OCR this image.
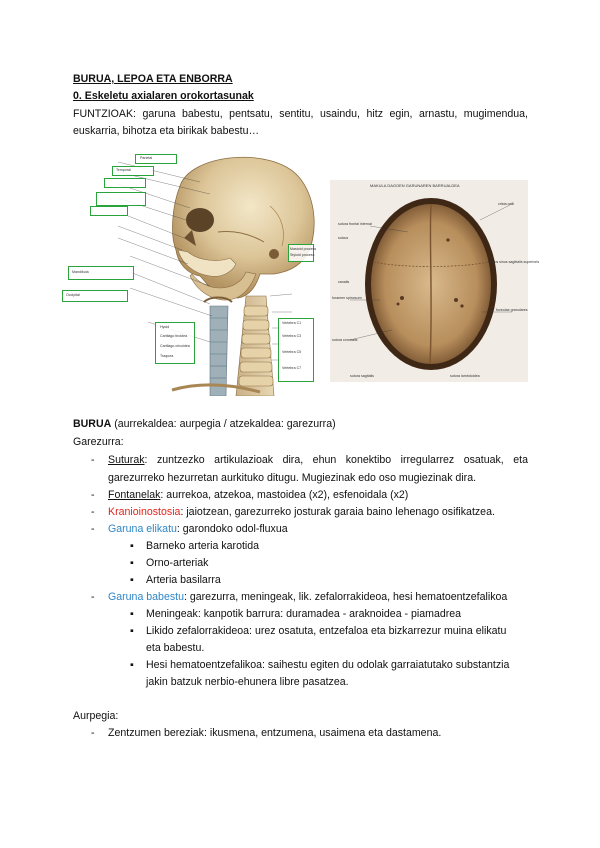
BURUA, LEPOA ETA ENBORRA
0. Eskeletu axialaren orokortasunak
FUNTZIOAK: garuna babestu, pentsatu, sentitu, usaindu, hitz egin, arnastu, mugimendua,
euskarria, bihotza eta birikak babestu…
Vertebra C1
Vertebra C3
Vertebra C5
Vertebra C7
Hyoid
Cartilago tiroidea
Cartilago cricoidea
Traquea
Mastoid process
Styloid process
Mandibula
Occipital
Parietal
Temporal
MAKULA DAGOEN GARUNAREN BARRUALDEA
sutura frontal internal
sulcus
canalis
foramen spinosum
sutura coronalis
sutura sagitalis
crista galli
sulcus sinus sagittalis superioris
foveolae granulares
sutura lambdoidea
BURUA (aurrekaldea: aurpegia / atzekaldea: garezurra)
Garezurra:
- Suturak: zuntzezko artikulazioak dira, ehun konektibo irregularrez osatuak, eta
garezurreko hezurretan aurkituko ditugu. Mugiezinak edo oso mugiezinak dira.
- Fontanelak: aurrekoa, atzekoa, mastoidea (x2), esfenoidala (x2)
- Kranioinostosia: jaiotzean, garezurreko josturak garaia baino lehenago osifikatzea.
- Garuna elikatu: garondoko odol-fluxua
▪ Barneko arteria karotida
▪ Orno-arteriak
▪ Arteria basilarra
- Garuna babestu: garezurra, meningeak, lik. zefalorrakideoa, hesi hematoentzefalikoa
▪ Meningeak: kanpotik barrura: duramadea - araknoidea - piamadrea
▪ Likido zefalorrakideoa: urez osatuta, entzefaloa eta bizkarrezur muina elikatu
eta babestu.
▪ Hesi hematoentzefalikoa: saihestu egiten du odolak garraiatutako substantzia
jakin batzuk nerbio-ehunera libre pasatzea.
Aurpegia:
- Zentzumen bereziak: ikusmena, entzumena, usaimena eta dastamena.
